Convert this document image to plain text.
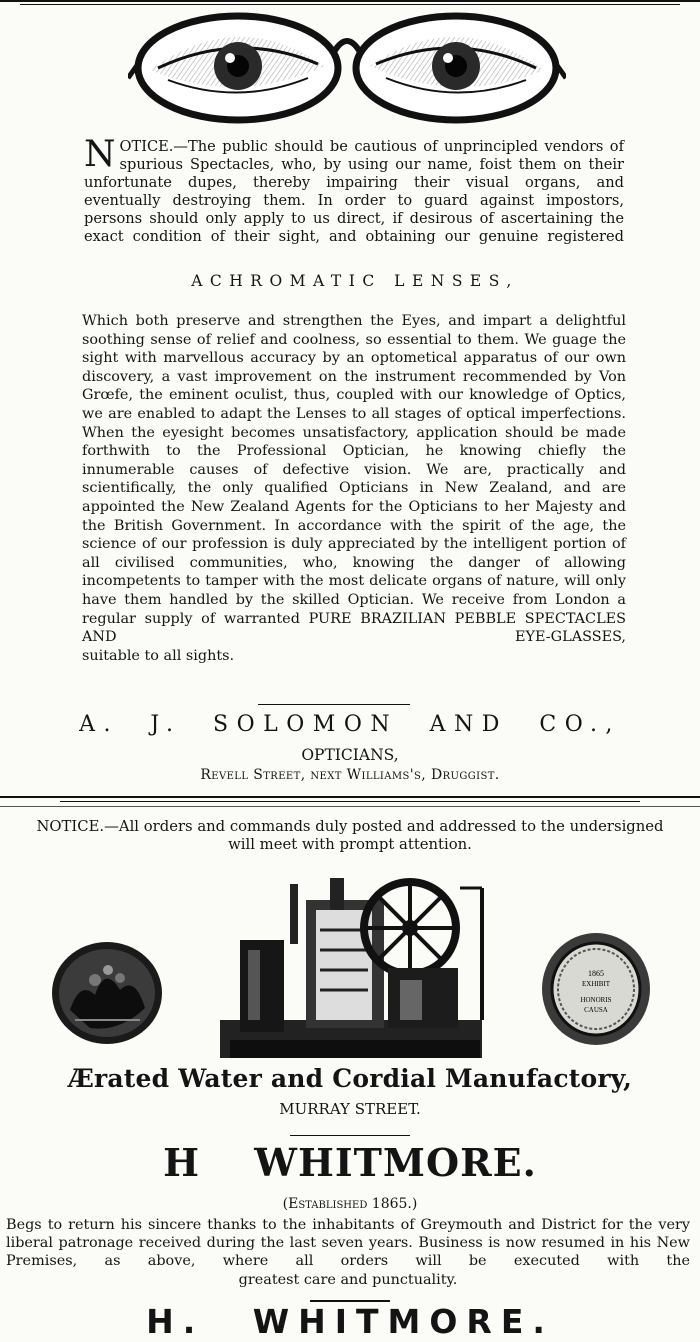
NOTICE.—The public should be cautious of unprincipled vendors of spurious Spectacles, who, by using our name, foist them on their unfortunate dupes, thereby impairing their visual organs, and eventually destroying them. In order to guard against impostors, persons should only apply to us direct, if desirous of ascertaining the exact condition of their sight, and obtaining our genuine registered

ACHROMATIC LENSES,

Which both preserve and strengthen the Eyes, and impart a delightful soothing sense of relief and coolness, so essential to them. We guage the sight with marvellous accuracy by an optometical apparatus of our own discovery, a vast improvement on the instrument recommended by Von Grœfe, the eminent oculist, thus, coupled with our knowledge of Optics, we are enabled to adapt the Lenses to all stages of optical imperfections. When the eyesight becomes unsatisfactory, application should be made forthwith to the Professional Optician, he knowing chiefly the innumerable causes of defective vision. We are, practically and scientifically, the only qualified Opticians in New Zealand, and are appointed the New Zealand Agents for the Opticians to her Majesty and the British Government. In accordance with the spirit of the age, the science of our profession is duly appreciated by the intelligent portion of all civilised communities, who, knowing the danger of allowing incompetents to tamper with the most delicate organs of nature, will only have them handled by the skilled Optician. We receive from London a regular supply of warranted PURE BRAZILIAN PEBBLE SPECTACLES AND EYE-GLASSES,
suitable to all sights.

A. J. SOLOMON AND CO.,
OPTICIANS,
Revell Street, next Williams's, Druggist.
NOTICE.—All orders and commands duly posted and addressed to the undersigned
will meet with prompt attention.
1865
EXHIBIT
HONORIS
CAUSA
Ærated Water and Cordial Manufactory,
MURRAY STREET.
H WHITMORE.
(Established 1865.)

Begs to return his sincere thanks to the inhabitants of Greymouth and District for the very liberal patronage received during the last seven years. Business is now resumed in his New Premises, as above, where all orders will be executed with the
greatest care and punctuality.

H. WHITMORE.
